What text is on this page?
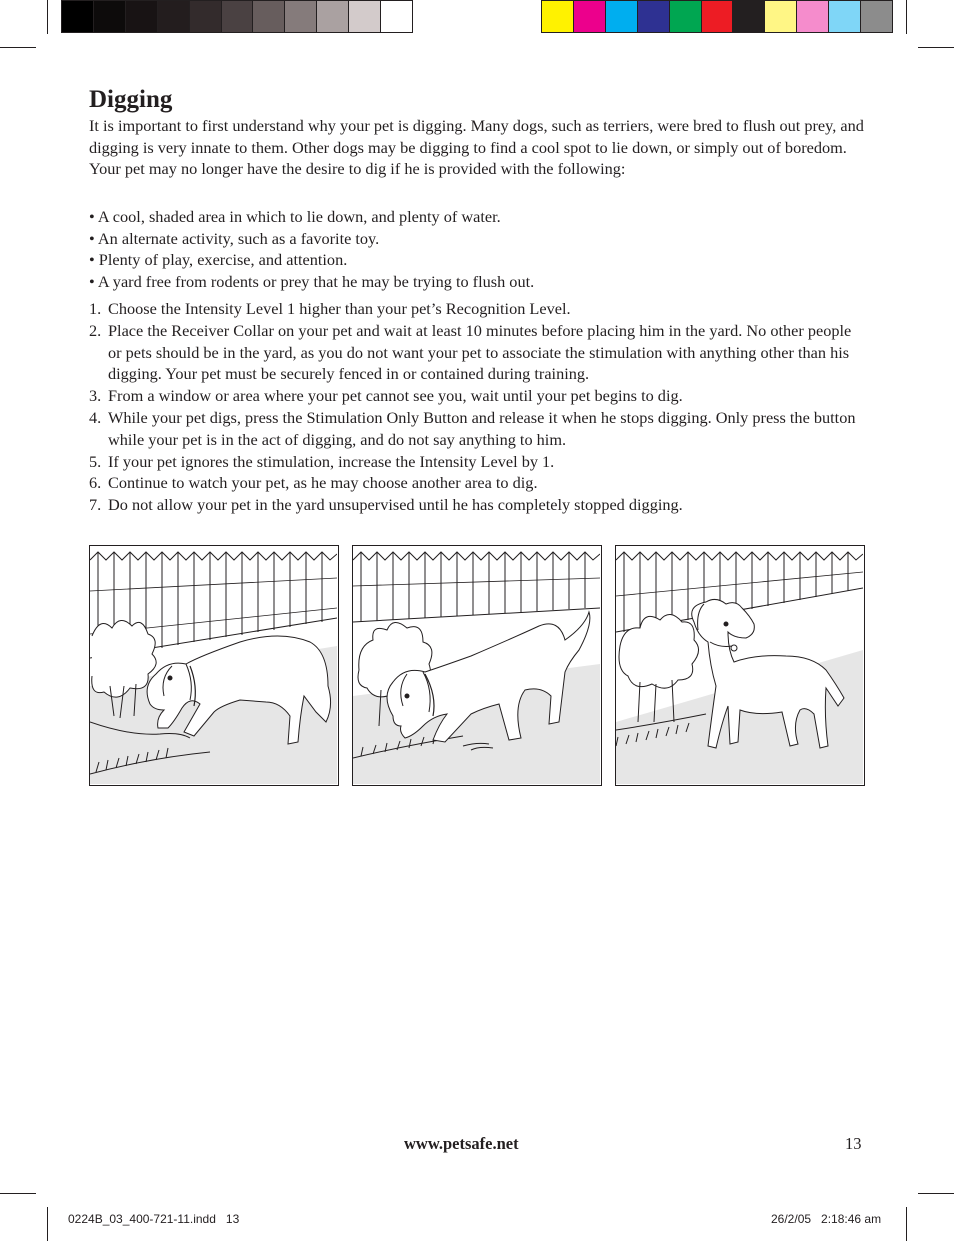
Digging

It is important to first understand why your pet is digging. Many dogs, such as terriers, were bred to flush out prey, and digging is very innate to them. Other dogs may be digging to find a cool spot to lie down, or simply out of boredom. Your pet may no longer have the desire to dig if he is provided with the following:

• A cool, shaded area in which to lie down, and plenty of water.
• An alternate activity, such as a favorite toy.
• Plenty of play, exercise, and attention.
• A yard free from rodents or prey that he may be trying to flush out.
1. Choose the Intensity Level 1 higher than your pet’s Recognition Level.
2. Place the Receiver Collar on your pet and wait at least 10 minutes before placing him in the yard. No other people or pets should be in the yard, as you do not want your pet to associate the stimulation with anything other than his digging. Your pet must be securely fenced in or contained during training.
3. From a window or area where your pet cannot see you, wait until your pet begins to dig.
4. While your pet digs, press the Stimulation Only Button and release it when he stops digging. Only press the button while your pet is in the act of digging, and do not say anything to him.
5. If your pet ignores the stimulation, increase the Intensity Level by 1.
6. Continue to watch your pet, as he may choose another area to dig.
7. Do not allow your pet in the yard unsupervised until he has completely stopped digging.
www.petsafe.net	13
0224B_03_400-721-11.indd   13	26/2/05   2:18:46 am
